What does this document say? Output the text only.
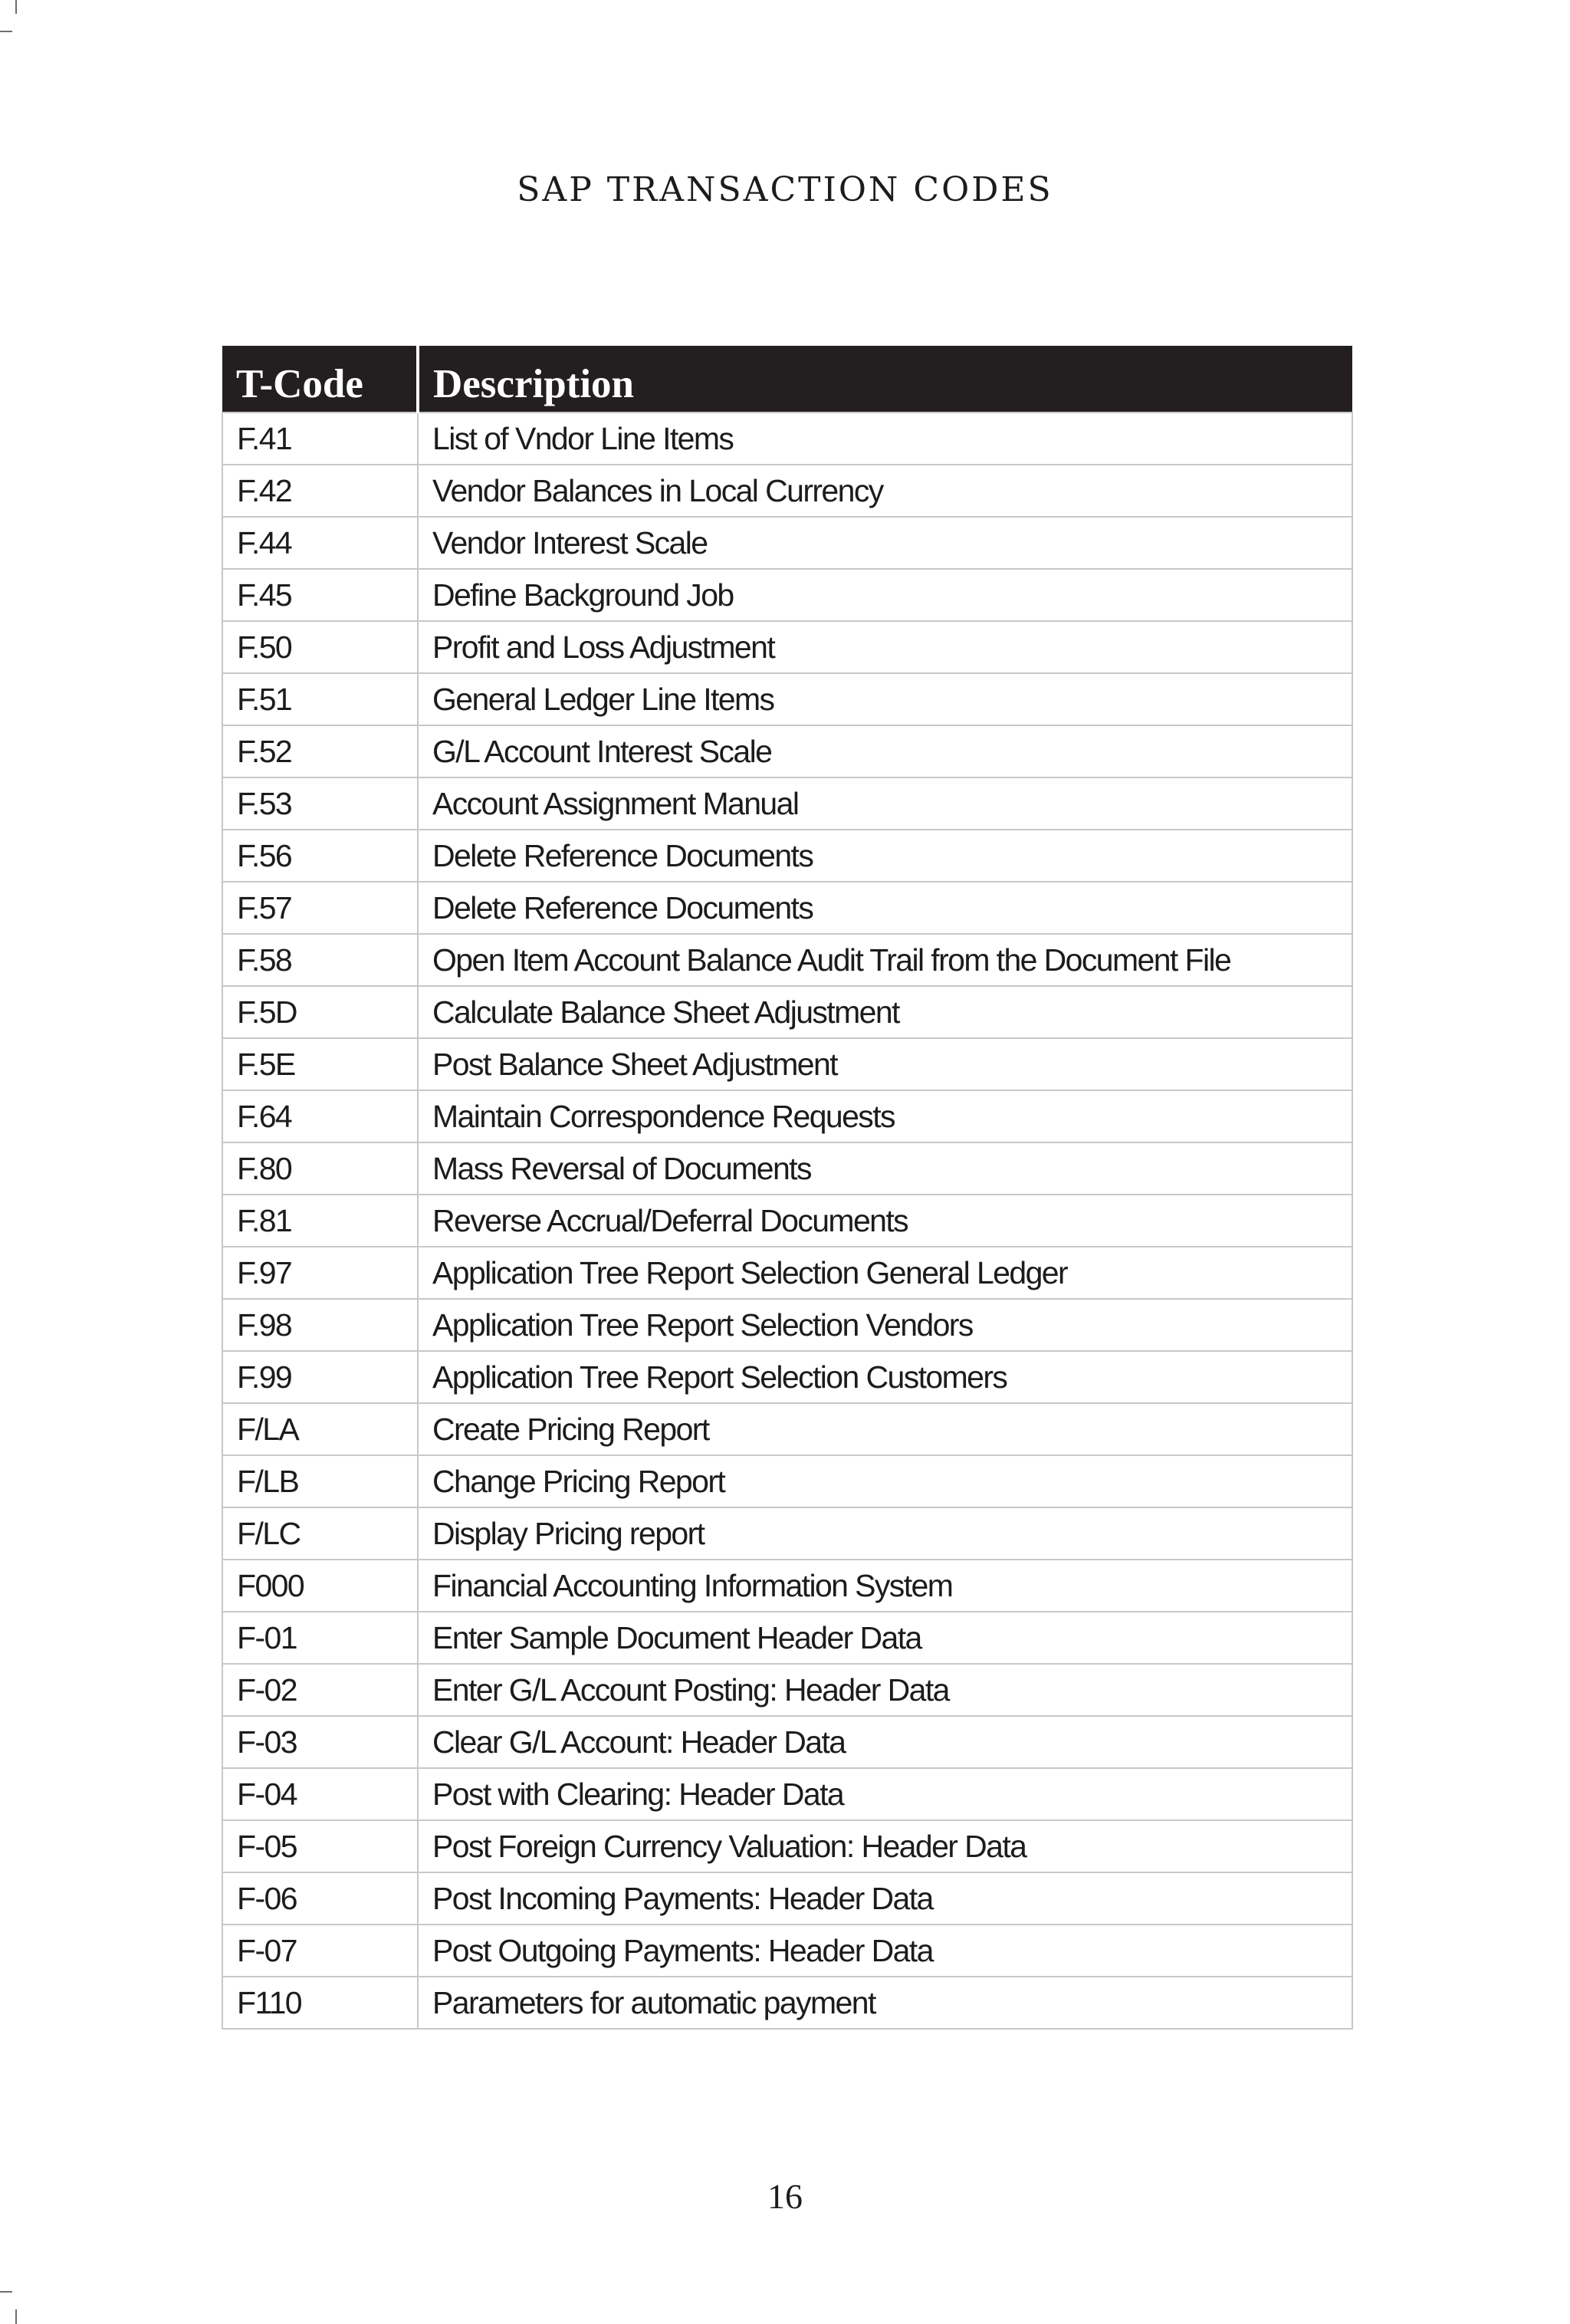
SAP TRANSACTION CODES
T-Code	Description
F.41	List of Vndor Line Items
F.42	Vendor Balances in Local Currency
F.44	Vendor Interest Scale
F.45	Define Background Job
F.50	Profit and Loss Adjustment
F.51	General Ledger Line Items
F.52	G/L Account Interest Scale
F.53	Account Assignment Manual
F.56	Delete Reference Documents
F.57	Delete Reference Documents
F.58	Open Item Account Balance Audit Trail from the Document File
F.5D	Calculate Balance Sheet Adjustment
F.5E	Post Balance Sheet Adjustment
F.64	Maintain Correspondence Requests
F.80	Mass Reversal of Documents
F.81	Reverse Accrual/Deferral Documents
F.97	Application Tree Report Selection General Ledger
F.98	Application Tree Report Selection Vendors
F.99	Application Tree Report Selection Customers
F/LA	Create Pricing Report
F/LB	Change Pricing Report
F/LC	Display Pricing report
F000	Financial Accounting Information System
F-01	Enter Sample Document Header Data
F-02	Enter G/L Account Posting: Header Data
F-03	Clear G/L Account: Header Data
F-04	Post with Clearing: Header Data
F-05	Post Foreign Currency Valuation: Header Data
F-06	Post Incoming Payments: Header Data
F-07	Post Outgoing Payments: Header Data
F110	Parameters for automatic payment
16
